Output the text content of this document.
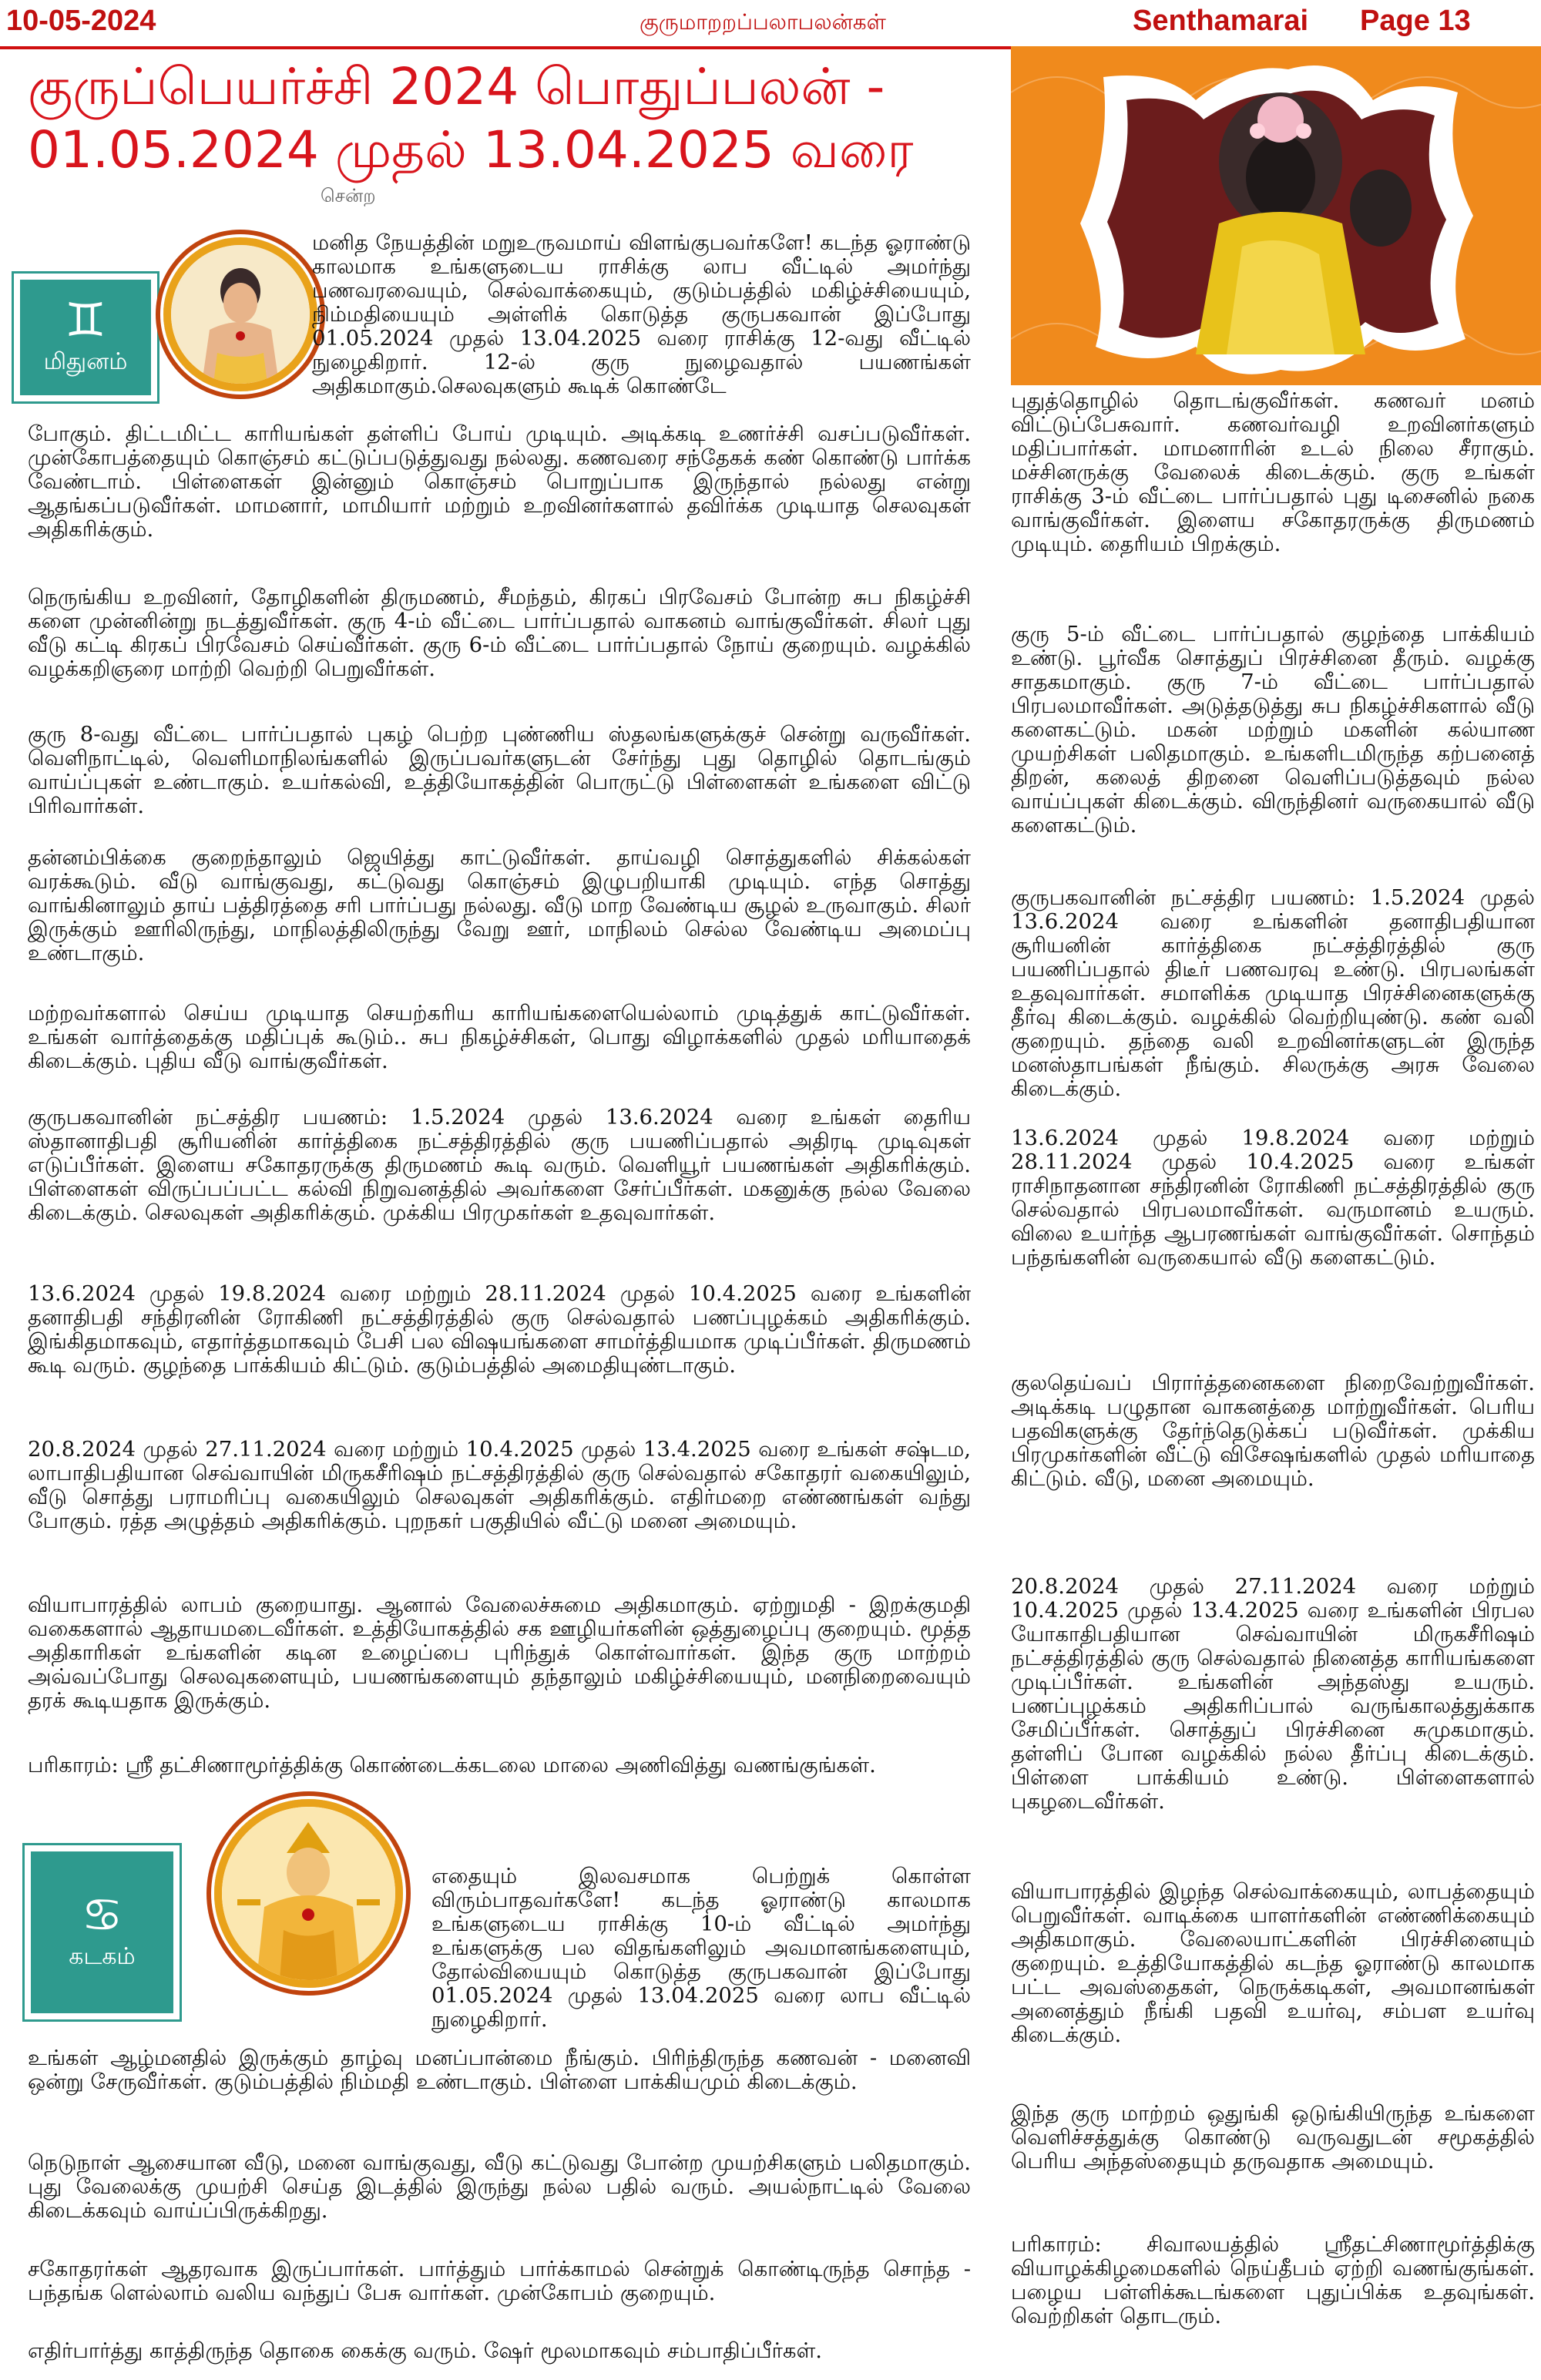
10-05-2024	குருமாறறப்பலாபலன்கள்	Senthamarai Page 13
குருப்பெயர்ச்சி 2024 பொதுப்பலன் -
01.05.2024 முதல் 13.04.2025 வரை
சென்ற
♊
மிதுனம்
♋
கடகம்

மனித நேயத்தின் மறுஉருவமாய் விளங்குபவர்களே! கடந்த ஓராண்டு காலமாக உங்களுடைய ராசிக்கு லாப வீட்டில் அமர்ந்து பணவரவையும், செல்வாக்கையும், குடும்பத்தில் மகிழ்ச்சியையும், நிம்மதியையும் அள்ளிக் கொடுத்த குருபகவான் இப்போது 01.05.2024 முதல் 13.04.2025 வரை ராசிக்கு 12-வது வீட்டில் நுழைகிறார். 12-ல் குரு நுழைவதால் பயணங்கள் அதிகமாகும்.செலவுகளும் கூடிக் கொண்டே

போகும். திட்டமிட்ட காரியங்கள் தள்ளிப் போய் முடியும். அடிக்கடி உணர்ச்சி வசப்படுவீர்கள். முன்கோபத்தையும் கொஞ்சம் கட்டுப்படுத்துவது நல்லது. கணவரை சந்தேகக் கண் கொண்டு பார்க்க வேண்டாம். பிள்ளைகள் இன்னும் கொஞ்சம் பொறுப்பாக இருந்தால் நல்லது என்று ஆதங்கப்படுவீர்கள். மாமனார், மாமியார் மற்றும் உறவினர்களால் தவிர்க்க முடியாத செலவுகள் அதிகரிக்கும்.

நெருங்கிய உறவினர், தோழிகளின் திருமணம், சீமந்தம், கிரகப் பிரவேசம் போன்ற சுப நிகழ்ச்சி களை முன்னின்று நடத்துவீர்கள். குரு 4-ம் வீட்டை பார்ப்பதால் வாகனம் வாங்குவீர்கள். சிலர் புது வீடு கட்டி கிரகப் பிரவேசம் செய்வீர்கள். குரு 6-ம் வீட்டை பார்ப்பதால் நோய் குறையும். வழக்கில் வழக்கறிஞரை மாற்றி வெற்றி பெறுவீர்கள்.

குரு 8-வது வீட்டை பார்ப்பதால் புகழ் பெற்ற புண்ணிய ஸ்தலங்களுக்குச் சென்று வருவீர்கள். வெளிநாட்டில், வெளிமாநிலங்களில் இருப்பவர்களுடன் சேர்ந்து புது தொழில் தொடங்கும் வாய்ப்புகள் உண்டாகும். உயர்கல்வி, உத்தியோகத்தின் பொருட்டு பிள்ளைகள் உங்களை விட்டு பிரிவார்கள்.

தன்னம்பிக்கை குறைந்தாலும் ஜெயித்து காட்டுவீர்கள். தாய்வழி சொத்துகளில் சிக்கல்கள் வரக்கூடும். வீடு வாங்குவது, கட்டுவது கொஞ்சம் இழுபறியாகி முடியும். எந்த சொத்து வாங்கினாலும் தாய் பத்திரத்தை சரி பார்ப்பது நல்லது. வீடு மாற வேண்டிய சூழல் உருவாகும். சிலர் இருக்கும் ஊரிலிருந்து, மாநிலத்திலிருந்து வேறு ஊர், மாநிலம் செல்ல வேண்டிய அமைப்பு உண்டாகும்.

மற்றவர்களால் செய்ய முடியாத செயற்கரிய காரியங்களையெல்லாம் முடித்துக் காட்டுவீர்கள். உங்கள் வார்த்தைக்கு மதிப்புக் கூடும்.. சுப நிகழ்ச்சிகள், பொது விழாக்களில் முதல் மரியாதைக் கிடைக்கும். புதிய வீடு வாங்குவீர்கள்.

குருபகவானின் நட்சத்திர பயணம்: 1.5.2024 முதல் 13.6.2024 வரை உங்கள் தைரிய ஸ்தானாதிபதி சூரியனின் கார்த்திகை நட்சத்திரத்தில் குரு பயணிப்பதால் அதிரடி முடிவுகள் எடுப்பீர்கள். இளைய சகோதரருக்கு திருமணம் கூடி வரும். வெளியூர் பயணங்கள் அதிகரிக்கும். பிள்ளைகள் விருப்பப்பட்ட கல்வி நிறுவனத்தில் அவர்களை சேர்ப்பீர்கள். மகனுக்கு நல்ல வேலை கிடைக்கும். செலவுகள் அதிகரிக்கும். முக்கிய பிரமுகர்கள் உதவுவார்கள்.

13.6.2024 முதல் 19.8.2024 வரை மற்றும் 28.11.2024 முதல் 10.4.2025 வரை உங்களின் தனாதிபதி சந்திரனின் ரோகிணி நட்சத்திரத்தில் குரு செல்வதால் பணப்புழக்கம் அதிகரிக்கும். இங்கிதமாகவும், எதார்த்தமாகவும் பேசி பல விஷயங்களை சாமர்த்தியமாக முடிப்பீர்கள். திருமணம் கூடி வரும். குழந்தை பாக்கியம் கிட்டும். குடும்பத்தில் அமைதியுண்டாகும்.

20.8.2024 முதல் 27.11.2024 வரை மற்றும் 10.4.2025 முதல் 13.4.2025 வரை உங்கள் சஷ்டம, லாபாதிபதியான செவ்வாயின் மிருகசீரிஷம் நட்சத்திரத்தில் குரு செல்வதால் சகோதரர் வகையிலும், வீடு சொத்து பராமரிப்பு வகையிலும் செலவுகள் அதிகரிக்கும். எதிர்மறை எண்ணங்கள் வந்து போகும். ரத்த அழுத்தம் அதிகரிக்கும். புறநகர் பகுதியில் வீட்டு மனை அமையும்.

வியாபாரத்தில் லாபம் குறையாது. ஆனால் வேலைச்சுமை அதிகமாகும். ஏற்றுமதி - இறக்குமதி வகைகளால் ஆதாயமடைவீர்கள். உத்தியோகத்தில் சக ஊழியர்களின் ஒத்துழைப்பு குறையும். மூத்த அதிகாரிகள் உங்களின் கடின உழைப்பை புரிந்துக் கொள்வார்கள். இந்த குரு மாற்றம் அவ்வப்போது செலவுகளையும், பயணங்களையும் தந்தாலும் மகிழ்ச்சியையும், மனநிறைவையும் தரக் கூடியதாக இருக்கும்.

பரிகாரம்: ஸ்ரீ தட்சிணாமூர்த்திக்கு கொண்டைக்கடலை மாலை அணிவித்து வணங்குங்கள்.

எதையும் இலவசமாக பெற்றுக் கொள்ள விரும்பாதவர்களே! கடந்த ஓராண்டு காலமாக உங்களுடைய ராசிக்கு 10-ம் வீட்டில் அமர்ந்து உங்களுக்கு பல விதங்களிலும் அவமானங்களையும், தோல்வியையும் கொடுத்த குருபகவான் இப்போது 01.05.2024 முதல் 13.04.2025 வரை லாப வீட்டில் நுழைகிறார்.

உங்கள் ஆழ்மனதில் இருக்கும் தாழ்வு மனப்பான்மை நீங்கும். பிரிந்திருந்த கணவன் - மனைவி ஒன்று சேருவீர்கள். குடும்பத்தில் நிம்மதி உண்டாகும். பிள்ளை பாக்கியமும் கிடைக்கும்.

நெடுநாள் ஆசையான வீடு, மனை வாங்குவது, வீடு கட்டுவது போன்ற முயற்சிகளும் பலிதமாகும். புது வேலைக்கு முயற்சி செய்த இடத்தில் இருந்து நல்ல பதில் வரும். அயல்நாட்டில் வேலை கிடைக்கவும் வாய்ப்பிருக்கிறது.

சகோதரர்கள் ஆதரவாக இருப்பார்கள். பார்த்தும் பார்க்காமல் சென்றுக் கொண்டிருந்த சொந்த - பந்தங்க ளெல்லாம் வலிய வந்துப் பேசு வார்கள். முன்கோபம் குறையும்.

எதிர்பார்த்து காத்திருந்த தொகை கைக்கு வரும். ஷேர் மூலமாகவும் சம்பாதிப்பீர்கள்.

புதுத்தொழில் தொடங்குவீர்கள். கணவர் மனம் விட்டுப்பேசுவார். கணவர்வழி உறவினர்களும் மதிப்பார்கள். மாமனாரின் உடல் நிலை சீராகும். மச்சினருக்கு வேலைக் கிடைக்கும். குரு உங்கள் ராசிக்கு 3-ம் வீட்டை பார்ப்பதால் புது டிசைனில் நகை வாங்குவீர்கள். இளைய சகோதரருக்கு திருமணம் முடியும். தைரியம் பிறக்கும்.

குரு 5-ம் வீட்டை பார்ப்பதால் குழந்தை பாக்கியம் உண்டு. பூர்வீக சொத்துப் பிரச்சினை தீரும். வழக்கு சாதகமாகும். குரு 7-ம் வீட்டை பார்ப்பதால் பிரபலமாவீர்கள். அடுத்தடுத்து சுப நிகழ்ச்சிகளால் வீடு களைகட்டும். மகன் மற்றும் மகளின் கல்யாண முயற்சிகள் பலிதமாகும். உங்களிடமிருந்த கற்பனைத் திறன், கலைத் திறனை வெளிப்படுத்தவும் நல்ல வாய்ப்புகள் கிடைக்கும். விருந்தினர் வருகையால் வீடு களைகட்டும்.

குருபகவானின் நட்சத்திர பயணம்: 1.5.2024 முதல் 13.6.2024 வரை உங்களின் தனாதிபதியான சூரியனின் கார்த்திகை நட்சத்திரத்தில் குரு பயணிப்பதால் திடீர் பணவரவு உண்டு. பிரபலங்கள் உதவுவார்கள். சமாளிக்க முடியாத பிரச்சினைகளுக்கு தீர்வு கிடைக்கும். வழக்கில் வெற்றியுண்டு. கண் வலி குறையும். தந்தை வலி உறவினர்களுடன் இருந்த மனஸ்தாபங்கள் நீங்கும். சிலருக்கு அரசு வேலை கிடைக்கும்.

13.6.2024 முதல் 19.8.2024 வரை மற்றும் 28.11.2024 முதல் 10.4.2025 வரை உங்கள் ராசிநாதனான சந்திரனின் ரோகிணி நட்சத்திரத்தில் குரு செல்வதால் பிரபலமாவீர்கள். வருமானம் உயரும். விலை உயர்ந்த ஆபரணங்கள் வாங்குவீர்கள். சொந்தம் பந்தங்களின் வருகையால் வீடு களைகட்டும்.

குலதெய்வப் பிரார்த்தனைகளை நிறைவேற்றுவீர்கள். அடிக்கடி பழுதான வாகனத்தை மாற்றுவீர்கள். பெரிய பதவிகளுக்கு தேர்ந்தெடுக்கப் படுவீர்கள். முக்கிய பிரமுகர்களின் வீட்டு விசேஷங்களில் முதல் மரியாதை கிட்டும். வீடு, மனை அமையும்.

20.8.2024 முதல் 27.11.2024 வரை மற்றும் 10.4.2025 முதல் 13.4.2025 வரை உங்களின் பிரபல யோகாதிபதியான செவ்வாயின் மிருகசீரிஷம் நட்சத்திரத்தில் குரு செல்வதால் நினைத்த காரியங்களை முடிப்பீர்கள். உங்களின் அந்தஸ்து உயரும். பணப்புழக்கம் அதிகரிப்பால் வருங்காலத்துக்காக சேமிப்பீர்கள். சொத்துப் பிரச்சினை சுமுகமாகும். தள்ளிப் போன வழக்கில் நல்ல தீர்ப்பு கிடைக்கும். பிள்ளை பாக்கியம் உண்டு. பிள்ளைகளால் புகழடைவீர்கள்.

வியாபாரத்தில் இழந்த செல்வாக்கையும், லாபத்தையும் பெறுவீர்கள். வாடிக்கை யாளர்களின் எண்ணிக்கையும் அதிகமாகும். வேலையாட்களின் பிரச்சினையும் குறையும். உத்தியோகத்தில் கடந்த ஓராண்டு காலமாக பட்ட அவஸ்தைகள், நெருக்கடிகள், அவமானங்கள் அனைத்தும் நீங்கி பதவி உயர்வு, சம்பள உயர்வு கிடைக்கும்.

இந்த குரு மாற்றம் ஒதுங்கி ஒடுங்கியிருந்த உங்களை வெளிச்சத்துக்கு கொண்டு வருவதுடன் சமூகத்தில் பெரிய அந்தஸ்தையும் தருவதாக அமையும்.

பரிகாரம்: சிவாலயத்தில் ஸ்ரீதட்சிணாமூர்த்திக்கு வியாழக்கிழமைகளில் நெய்தீபம் ஏற்றி வணங்குங்கள். பழைய பள்ளிக்கூடங்களை புதுப்பிக்க உதவுங்கள். வெற்றிகள் தொடரும்.
